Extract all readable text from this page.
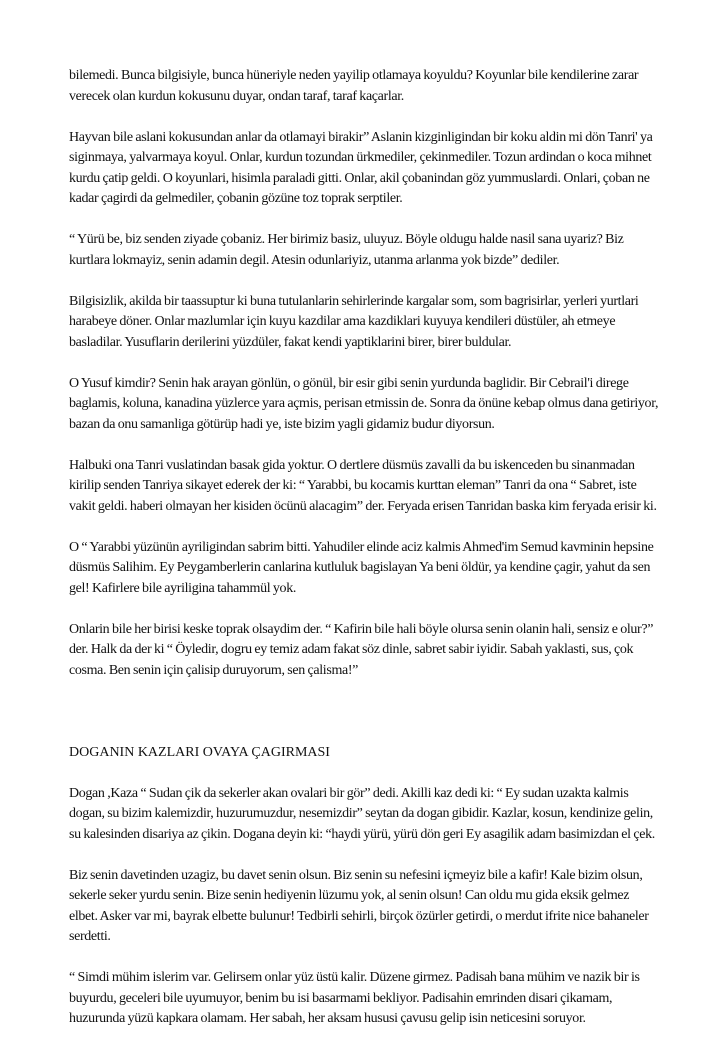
bilemedi. Bunca bilgisiyle, bunca hüneriyle neden yayilip otlamaya koyuldu? Koyunlar bile kendilerine zarar verecek olan kurdun kokusunu duyar, ondan taraf, taraf kaçarlar.

Hayvan bile aslani kokusundan anlar da otlamayi birakir” Aslanin kizginligindan bir koku aldin mi dön Tanri' ya siginmaya, yalvarmaya koyul. Onlar, kurdun tozundan ürkmediler, çekinmediler. Tozun ardindan o koca mihnet kurdu çatip geldi. O koyunlari, hisimla paraladi gitti. Onlar, akil çobanindan göz yummuslardi. Onlari, çoban ne kadar çagirdi da gelmediler, çobanin gözüne toz toprak serptiler.

“ Yürü be, biz senden ziyade çobaniz. Her birimiz basiz, uluyuz. Böyle oldugu halde nasil sana uyariz? Biz kurtlara lokmayiz, senin adamin degil. Atesin odunlariyiz, utanma arlanma yok bizde” dediler.

Bilgisizlik, akilda bir taassuptur ki buna tutulanlarin sehirlerinde kargalar som, som bagrisirlar, yerleri yurtlari harabeye döner. Onlar mazlumlar için kuyu kazdilar ama kazdiklari kuyuya kendileri düstüler, ah etmeye basladilar. Yusuflarin derilerini yüzdüler, fakat kendi yaptiklarini birer, birer buldular.

O Yusuf kimdir? Senin hak arayan gönlün, o gönül, bir esir gibi senin yurdunda baglidir. Bir Cebrail'i direge baglamis, koluna, kanadina yüzlerce yara açmis, perisan etmissin de. Sonra da önüne kebap olmus dana getiriyor, bazan da onu samanliga götürüp hadi ye, iste bizim yagli gidamiz budur diyorsun.

Halbuki ona Tanri vuslatindan basak gida yoktur. O dertlere düsmüs zavalli da bu iskenceden bu sinanmadan kirilip senden Tanriya sikayet ederek der ki: “ Yarabbi, bu kocamis kurttan eleman” Tanri da ona “ Sabret, iste vakit geldi. haberi olmayan her kisiden öcünü alacagim” der. Feryada erisen Tanridan baska kim feryada erisir ki.

O “ Yarabbi yüzünün ayriligindan sabrim bitti. Yahudiler elinde aciz kalmis Ahmed'im Semud kavminin hepsine düsmüs Salihim. Ey Peygamberlerin canlarina kutluluk bagislayan Ya beni öldür, ya kendine çagir, yahut da sen gel! Kafirlere bile ayriligina tahammül yok.

Onlarin bile her birisi keske toprak olsaydim der. “ Kafirin bile hali böyle olursa senin olanin hali, sensiz e olur?” der. Halk da der ki “ Öyledir, dogru ey temiz adam fakat söz dinle, sabret sabir iyidir. Sabah yaklasti, sus, çok cosma. Ben senin için çalisip duruyorum, sen çalisma!”

DOGANIN KAZLARI OVAYA ÇAGIRMASI

Dogan ,Kaza “ Sudan çik da sekerler akan ovalari bir gör” dedi. Akilli kaz dedi ki: “ Ey sudan uzakta kalmis dogan, su bizim kalemizdir, huzurumuzdur, nesemizdir” seytan da dogan gibidir. Kazlar, kosun, kendinize gelin, su kalesinden disariya az çikin. Dogana deyin ki: “haydi yürü, yürü dön geri Ey asagilik adam basimizdan el çek.

Biz senin davetinden uzagiz, bu davet senin olsun. Biz senin su nefesini içmeyiz bile a kafir! Kale bizim olsun, sekerle seker yurdu senin. Bize senin hediyenin lüzumu yok, al senin olsun! Can oldu mu gida eksik gelmez elbet. Asker var mi, bayrak elbette bulunur! Tedbirli sehirli, birçok özürler getirdi, o merdut ifrite nice bahaneler serdetti.

“ Simdi mühim islerim var. Gelirsem onlar yüz üstü kalir. Düzene girmez. Padisah bana mühim ve nazik bir is buyurdu, geceleri bile uyumuyor, benim bu isi basarmami bekliyor. Padisahin emrinden disari çikamam, huzurunda yüzü kapkara olamam. Her sabah, her aksam hususi çavusu gelip isin neticesini soruyor.
